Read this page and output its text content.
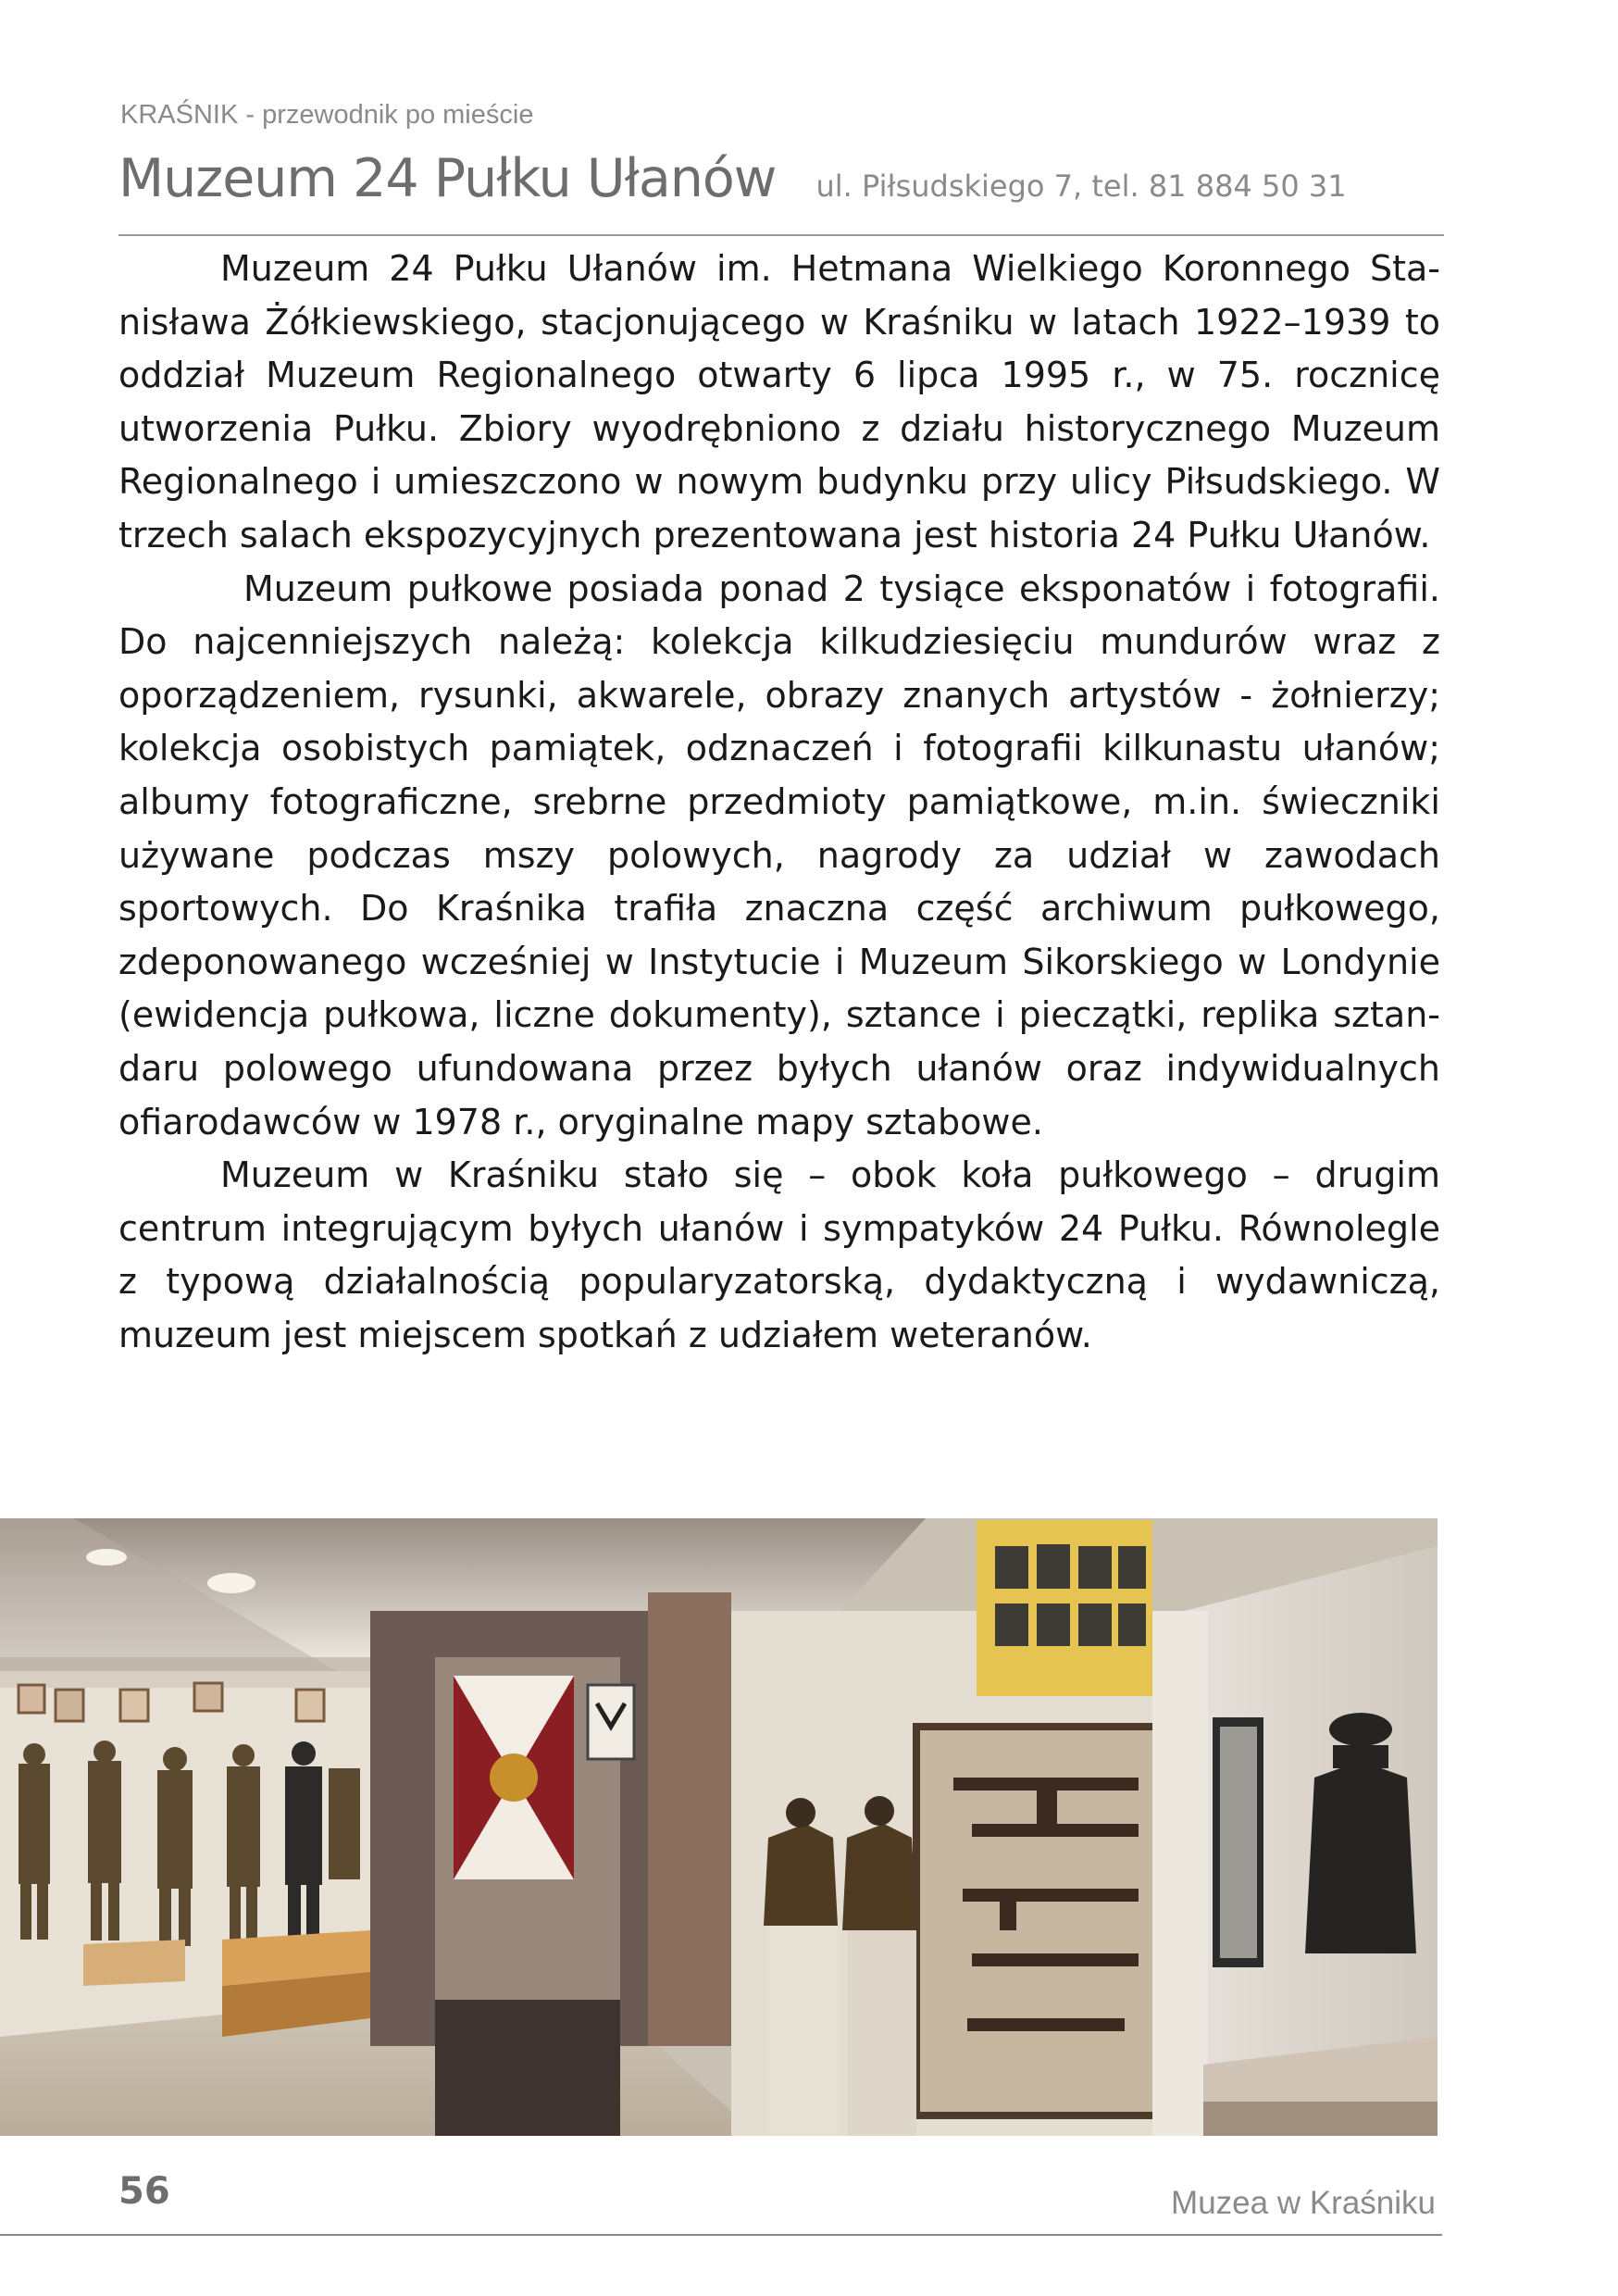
KRAŚNIK - przewodnik po mieście
Muzeum 24 Pułku Ułanów ul. Piłsudskiego 7, tel. 81 884 50 31

Muzeum 24 Pułku Ułanów im. Hetmana Wielkiego Koronnego Stanisława Żółkiewskiego, stacjonującego w Kraśniku w latach 1922–1939 to oddział Muzeum Regionalnego otwarty 6 lipca 1995 r., w 75. rocznicę utworzenia Pułku. Zbiory wyodrębniono z działu historycznego Muzeum Regionalnego i umieszczono w nowym budynku przy ulicy Piłsudskiego. W trzech salach ekspozycyjnych prezentowana jest historia 24 Pułku Ułanów.

Muzeum pułkowe posiada ponad 2 tysiące eksponatów i fotografii. Do najcenniejszych należą: kolekcja kilkudziesięciu mundurów wraz z oporządzeniem, rysunki, akwarele, obrazy znanych artystów - żołnierzy; kolekcja osobistych pamiątek, odznaczeń i fotografii kilkunastu ułanów; albumy fotograficzne, srebrne przedmioty pamiątkowe, m.in. świeczniki używane podczas mszy polowych, nagrody za udział w zawodach sportowych. Do Kraśnika trafiła znaczna część archiwum pułkowego, zdeponowanego wcześniej w Instytucie i Muzeum Sikorskiego w Londynie (ewidencja pułkowa, liczne dokumenty), sztance i pieczątki, replika sztandaru polowego ufundowana przez byłych ułanów oraz indywidualnych ofiarodawców w 1978 r., oryginalne mapy sztabowe.

Muzeum w Kraśniku stało się – obok koła pułkowego – drugim centrum integrującym byłych ułanów i sympatyków 24 Pułku. Równolegle z typową działalnością popularyzatorską, dydaktyczną i wydawniczą, muzeum jest miejscem spotkań z udziałem weteranów.

56	Muzea w Kraśniku
